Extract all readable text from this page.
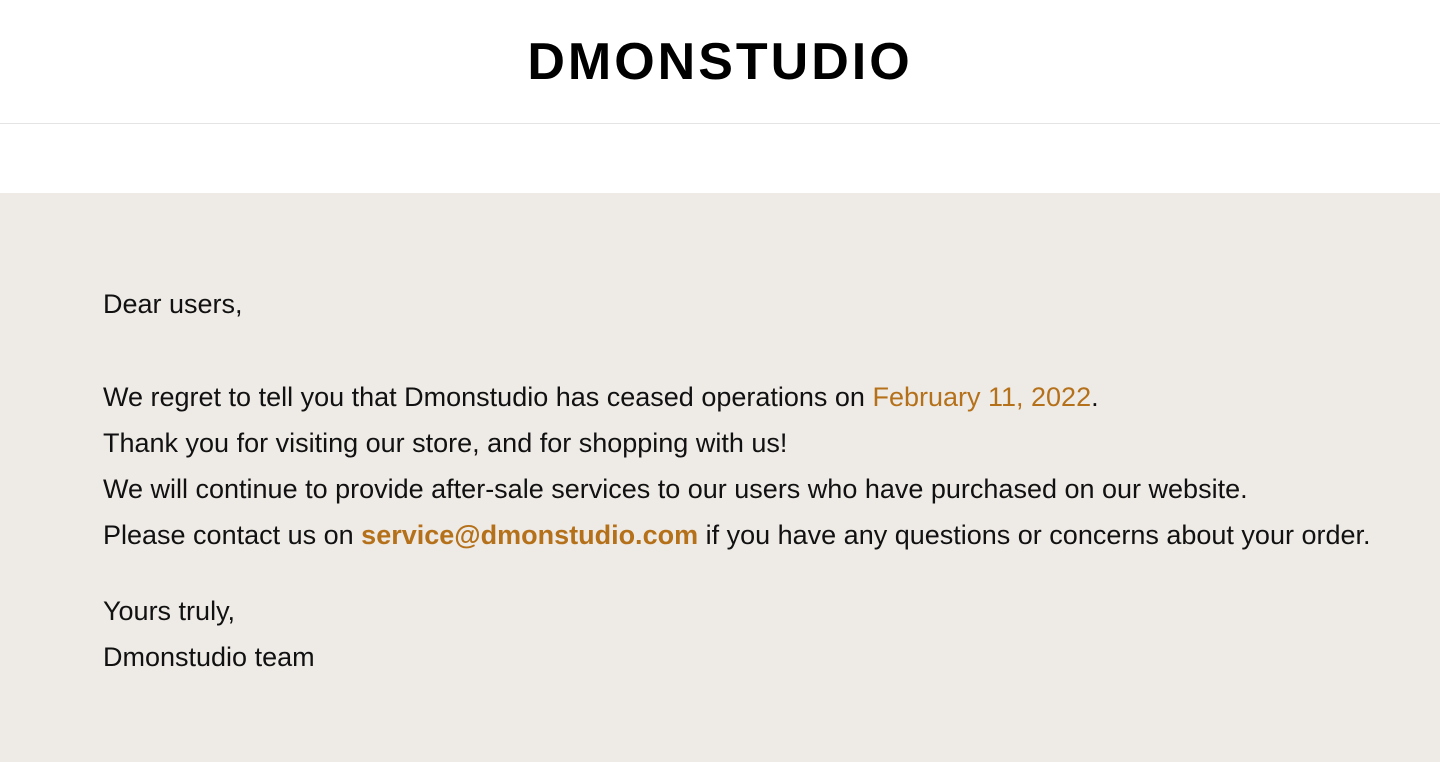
DMONSTUDIO
Dear users,
We regret to tell you that Dmonstudio has ceased operations on February 11, 2022.
Thank you for visiting our store, and for shopping with us!
We will continue to provide after-sale services to our users who have purchased on our website.
Please contact us on service@dmonstudio.com if you have any questions or concerns about your order.
Yours truly,
Dmonstudio team
